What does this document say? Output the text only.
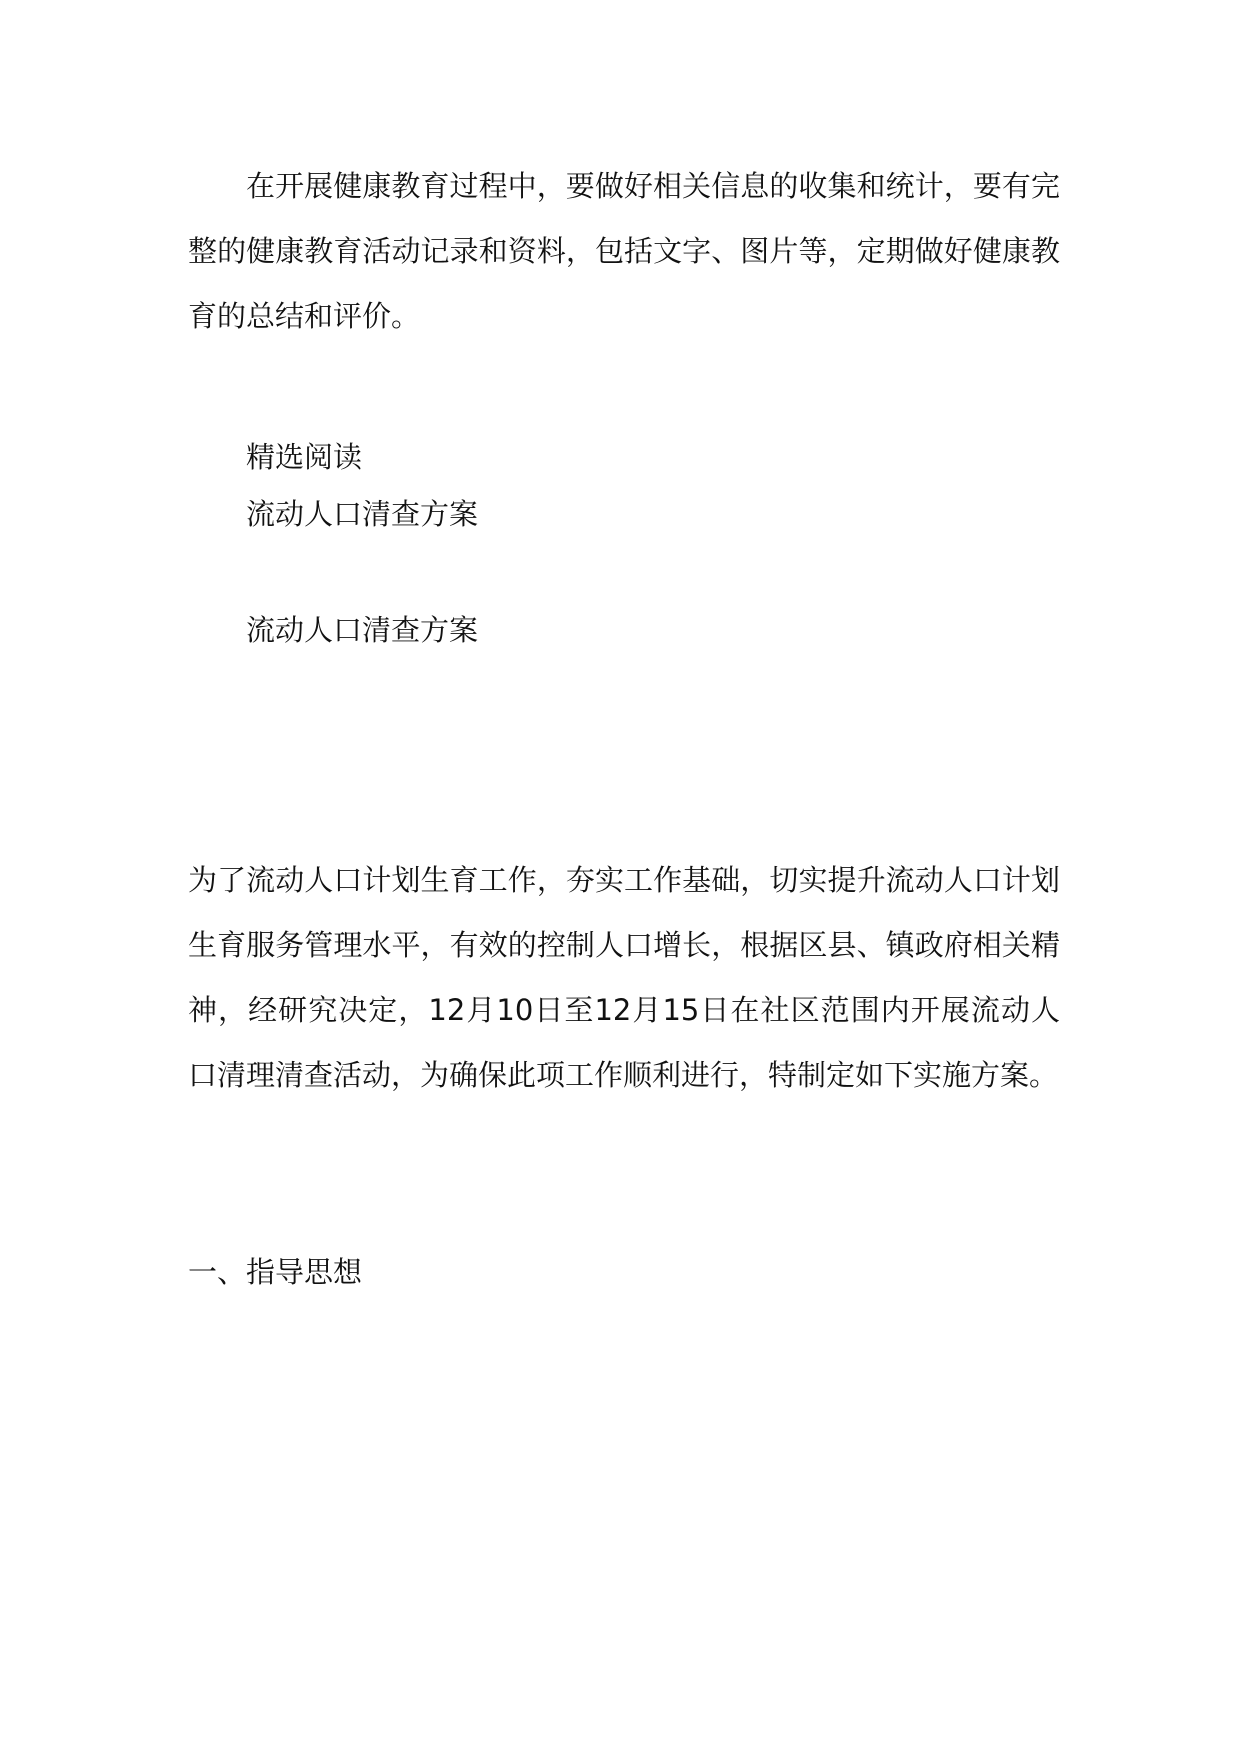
在开展健康教育过程中，要做好相关信息的收集和统计，要有完整的健康教育活动记录和资料，包括文字、图片等，定期做好健康教育的总结和评价。

精选阅读

流动人口清查方案

流动人口清查方案

为了流动人口计划生育工作，夯实工作基础，切实提升流动人口计划生育服务管理水平，有效的控制人口增长，根据区县、镇政府相关精神，经研究决定，12月10日至12月15日在社区范围内开展流动人口清理清查活动，为确保此项工作顺利进行，特制定如下实施方案。

一、指导思想
